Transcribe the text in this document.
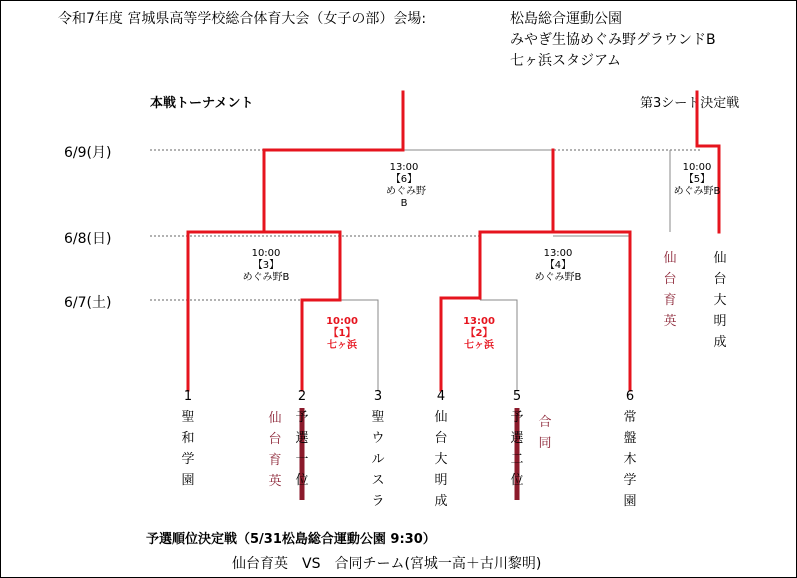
令和7年度 宮城県高等学校総合体育大会（女子の部）会場:	松島総合運動公園
みやぎ生協めぐみ野グラウンドB
七ヶ浜スタジアム
本戦トーナメント	第3シード決定戦
6/9(月)
6/8(日)
6/7(土)
13:00
【6】
めぐみ野
B
10:00
【5】
めぐみ野B
10:00
【3】
めぐみ野B
13:00
【4】
めぐみ野B
10:00
【1】
七ヶ浜
13:00
【2】
七ヶ浜
仙台育英
仙台大明成
1聖和学園
2予選一位
仙台育英
3聖ウルスラ
4仙台大明成
5予選二位
合同
6常盤木学園
予選順位決定戦（5/31松島総合運動公園 9:30）
仙台育英　VS　合同チーム(宮城一高＋古川黎明)
